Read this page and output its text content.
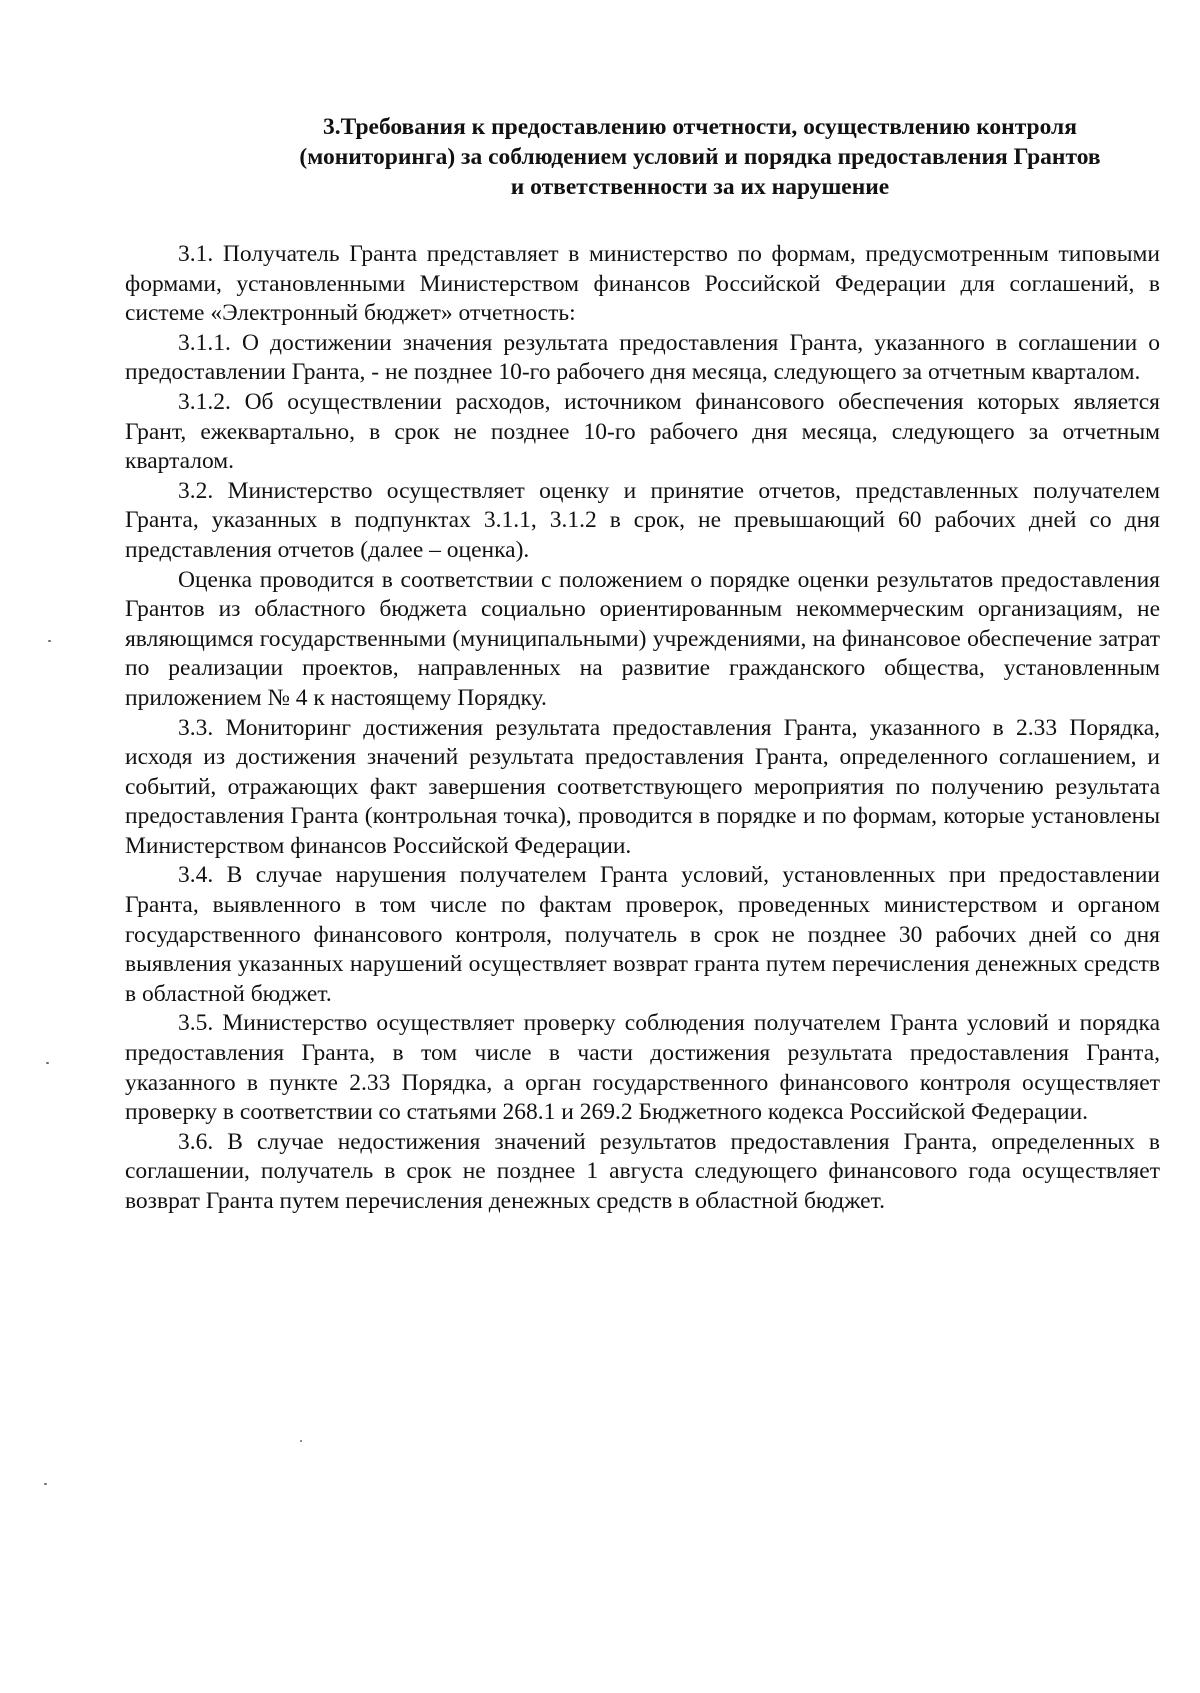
3.Требования к предоставлению отчетности, осуществлению контроля
(мониторинга) за соблюдением условий и порядка предоставления Грантов
и ответственности за их нарушение

3.1. Получатель Гранта представляет в министерство по формам, предусмотренным типовыми формами, установленными Министерством финансов Российской Федерации для соглашений, в системе «Электронный бюджет» отчетность:

3.1.1. О достижении значения результата предоставления Гранта, указанного в соглашении о предоставлении Гранта, - не позднее 10-го рабочего дня месяца, следующего за отчетным кварталом.

3.1.2. Об осуществлении расходов, источником финансового обеспечения которых является Грант, ежеквартально, в срок не позднее 10-го рабочего дня месяца, следующего за отчетным кварталом.

3.2. Министерство осуществляет оценку и принятие отчетов, представленных получателем Гранта, указанных в подпунктах 3.1.1, 3.1.2 в срок, не превышающий 60 рабочих дней со дня представления отчетов (далее – оценка).

Оценка проводится в соответствии с положением о порядке оценки результатов предоставления Грантов из областного бюджета социально ориентированным некоммерческим организациям, не являющимся государственными (муниципальными) учреждениями, на финансовое обеспечение затрат по реализации проектов, направленных на развитие гражданского общества, установленным приложением № 4 к настоящему Порядку.

3.3. Мониторинг достижения результата предоставления Гранта, указанного в 2.33 Порядка, исходя из достижения значений результата предоставления Гранта, определенного соглашением, и событий, отражающих факт завершения соответствующего мероприятия по получению результата предоставления Гранта (контрольная точка), проводится в порядке и по формам, которые установлены Министерством финансов Российской Федерации.

3.4. В случае нарушения получателем Гранта условий, установленных при предоставлении Гранта, выявленного в том числе по фактам проверок, проведенных министерством и органом государственного финансового контроля, получатель в срок не позднее 30 рабочих дней со дня выявления указанных нарушений осуществляет возврат гранта путем перечисления денежных средств в областной бюджет.

3.5. Министерство осуществляет проверку соблюдения получателем Гранта условий и порядка предоставления Гранта, в том числе в части достижения результата предоставления Гранта, указанного в пункте 2.33 Порядка, а орган государственного финансового контроля осуществляет проверку в соответствии со статьями 268.1 и 269.2 Бюджетного кодекса Российской Федерации.

3.6. В случае недостижения значений результатов предоставления Гранта, определенных в соглашении, получатель в срок не позднее 1 августа следующего финансового года осуществляет возврат Гранта путем перечисления денежных средств в областной бюджет.
